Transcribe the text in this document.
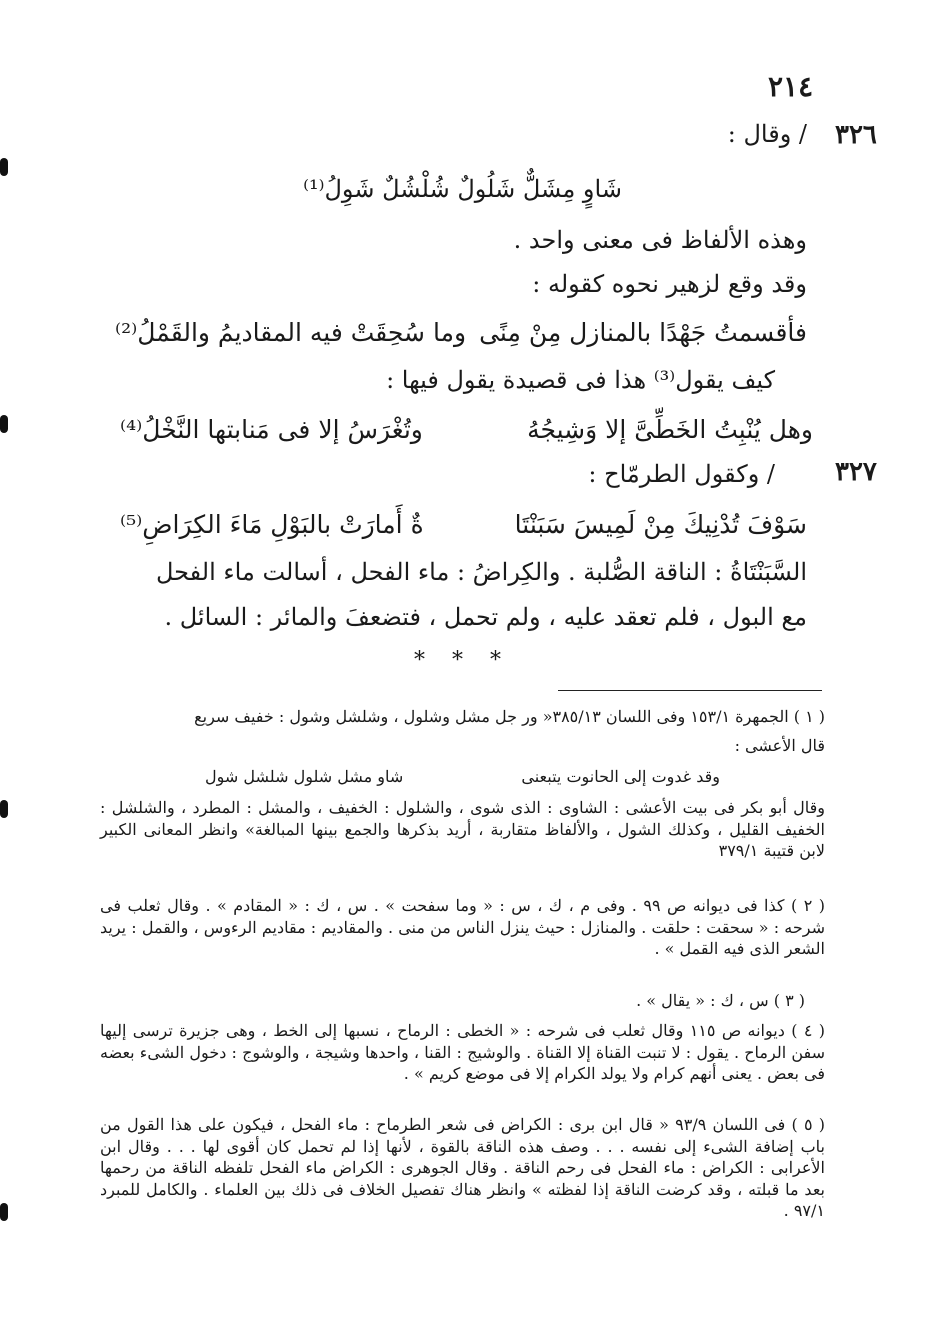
٢١٤
٣٢٦
/ وقال :
شَاوٍ مِشَلٌّ شَلُولٌ شُلْشُلٌ شَوِلُ⁽¹⁾
وهذه الألفاظ فى معنى واحد .
وقد وقع لزهير نحوه كقوله :
فأقسمتُ جَهْدًا بالمنازل مِنْ مِنًى
وما سُحِقَتْ فيه المقاديمُ والقَمْلُ⁽²⁾
كيف يقول⁽³⁾ هذا فى قصيدة يقول فيها :
وهل يُنْبِتُ الخَطِّىَّ إلا وَشِيجُهُ
وتُغْرَسُ إلا فى مَنابتها النَّخْلُ⁽⁴⁾
٣٢٧
/ وكقول الطرمّاح :
سَوْفَ تُدْنِيكَ مِنْ لَمِيسَ سَبَنْتَا
ةٌ أَمارَتْ بالبَوْلِ مَاءَ الكِرَاضِ⁽⁵⁾
السَّبَنْتَاةُ : الناقة الصُّلبة . والكِراضُ : ماء الفحل ، أسالت ماء الفحل
مع البول ، فلم تعقد عليه ، ولم تحمل ، فتضعفَ والمائر : السائل .
* * *
( ١ ) الجمهرة ١٥٣/١ وفى اللسان ٣٨٥/١٣« ور جل مشل وشلول ، وشلشل وشول : خفيف سريع
قال الأعشى :
وقد غدوت إلى الحانوت يتبعنى
شاو مشل شلول شلشل شول
وقال أبو بكر فى بيت الأعشى : الشاوى : الذى شوى ، والشلول : الخفيف ، والمشل : المطرد ، والشلشل : الخفيف القليل ، وكذلك الشول ، والألفاظ متقاربة ، أريد بذكرها والجمع بينها المبالغة» وانظر المعانى الكبير لابن قتيبة ٣٧٩/١
( ٢ ) كذا فى ديوانه ص ٩٩ . وفى م ، ك ، س : « وما سفحت » . س ، ك : « المقادم » . وقال ثعلب فى شرحه : « سحقت : حلقت . والمنازل : حيث ينزل الناس من منى . والمقاديم : مقاديم الرءوس ، والقمل : يريد الشعر الذى فيه القمل » .
( ٣ ) س ، ك : « يقال » .
( ٤ ) ديوانه ص ١١٥ وقال ثعلب فى شرحه : « الخطى : الرماح ، نسبها إلى الخط ، وهى جزيرة ترسى إليها سفن الرماح . يقول : لا تنبت القناة إلا القناة . والوشيج : القنا ، واحدها وشيجة ، والوشوج : دخول الشىء بعضه فى بعض . يعنى أنهم كرام ولا يولد الكرام إلا فى موضع كريم » .
( ٥ ) فى اللسان ٩٣/٩ « قال ابن برى : الكراض فى شعر الطرماح : ماء الفحل ، فيكون على هذا القول من باب إضافة الشىء إلى نفسه . . . وصف هذه الناقة بالقوة ، لأنها إذا لم تحمل كان أقوى لها . . . وقال ابن الأعرابى : الكراض : ماء الفحل فى رحم الناقة . وقال الجوهرى : الكراض ماء الفحل تلفظه الناقة من رحمها بعد ما قبلته ، وقد كرضت الناقة إذا لفظته » وانظر هناك تفصيل الخلاف فى ذلك بين العلماء . والكامل للمبرد ٩٧/١ .
